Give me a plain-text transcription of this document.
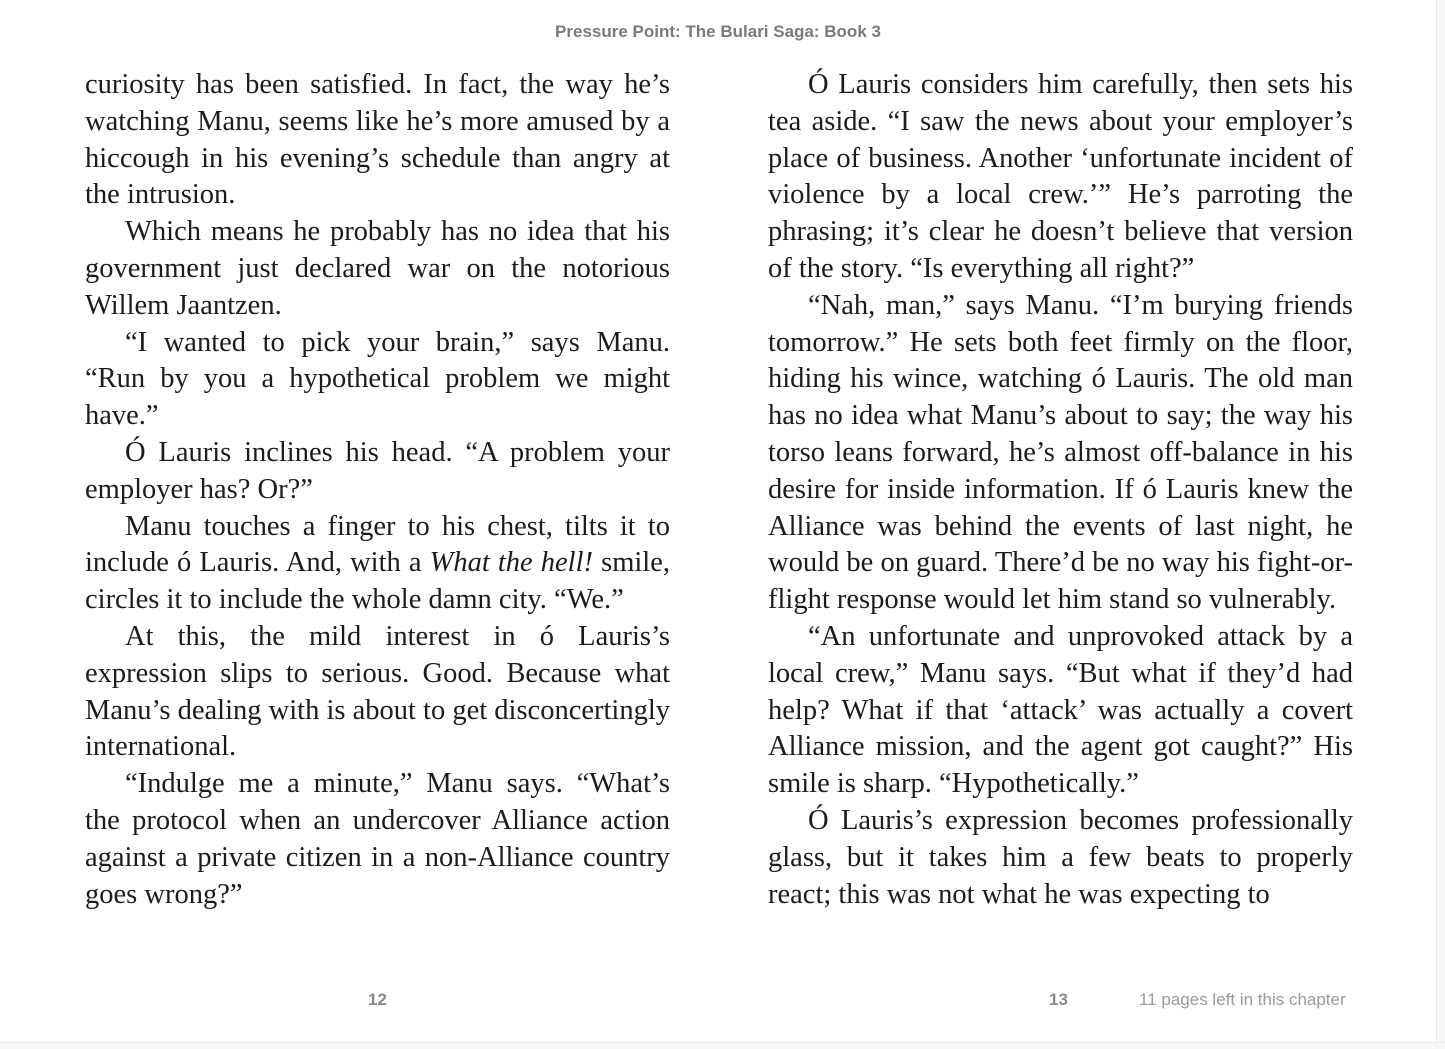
Pressure Point: The Bulari Saga: Book 3

curiosity has been satisfied. In fact, the way he’s watching Manu, seems like he’s more amused by a hiccough in his evening’s schedule than angry at the intrusion.

Which means he probably has no idea that his government just declared war on the notorious Willem Jaantzen.

“I wanted to pick your brain,” says Manu. “Run by you a hypothetical problem we might have.”

Ó Lauris inclines his head. “A problem your employer has? Or?”

Manu touches a finger to his chest, tilts it to include ó Lauris. And, with a What the hell! smile, circles it to include the whole damn city. “We.”

At this, the mild interest in ó Lauris’s expression slips to serious. Good. Because what Manu’s dealing with is about to get disconcertingly international.

“Indulge me a minute,” Manu says. “What’s the protocol when an undercover Alliance action against a private citizen in a non-Alliance country goes wrong?”

Ó Lauris considers him carefully, then sets his tea aside. “I saw the news about your employer’s place of business. Another ‘unfortunate incident of violence by a local crew.’” He’s parroting the phrasing; it’s clear he doesn’t believe that version of the story. “Is everything all right?”

“Nah, man,” says Manu. “I’m burying friends tomorrow.” He sets both feet firmly on the floor, hiding his wince, watching ó Lauris. The old man has no idea what Manu’s about to say; the way his torso leans forward, he’s almost off-balance in his desire for inside information. If ó Lauris knew the Alliance was behind the events of last night, he would be on guard. There’d be no way his fight-or-flight response would let him stand so vulnerably.

“An unfortunate and unprovoked attack by a local crew,” Manu says. “But what if they’d had help? What if that ‘attack’ was actually a covert Alliance mission, and the agent got caught?” His smile is sharp. “Hypothetically.”

Ó Lauris’s expression becomes professionally glass, but it takes him a few beats to properly react; this was not what he was expecting to

12	13	11 pages left in this chapter
